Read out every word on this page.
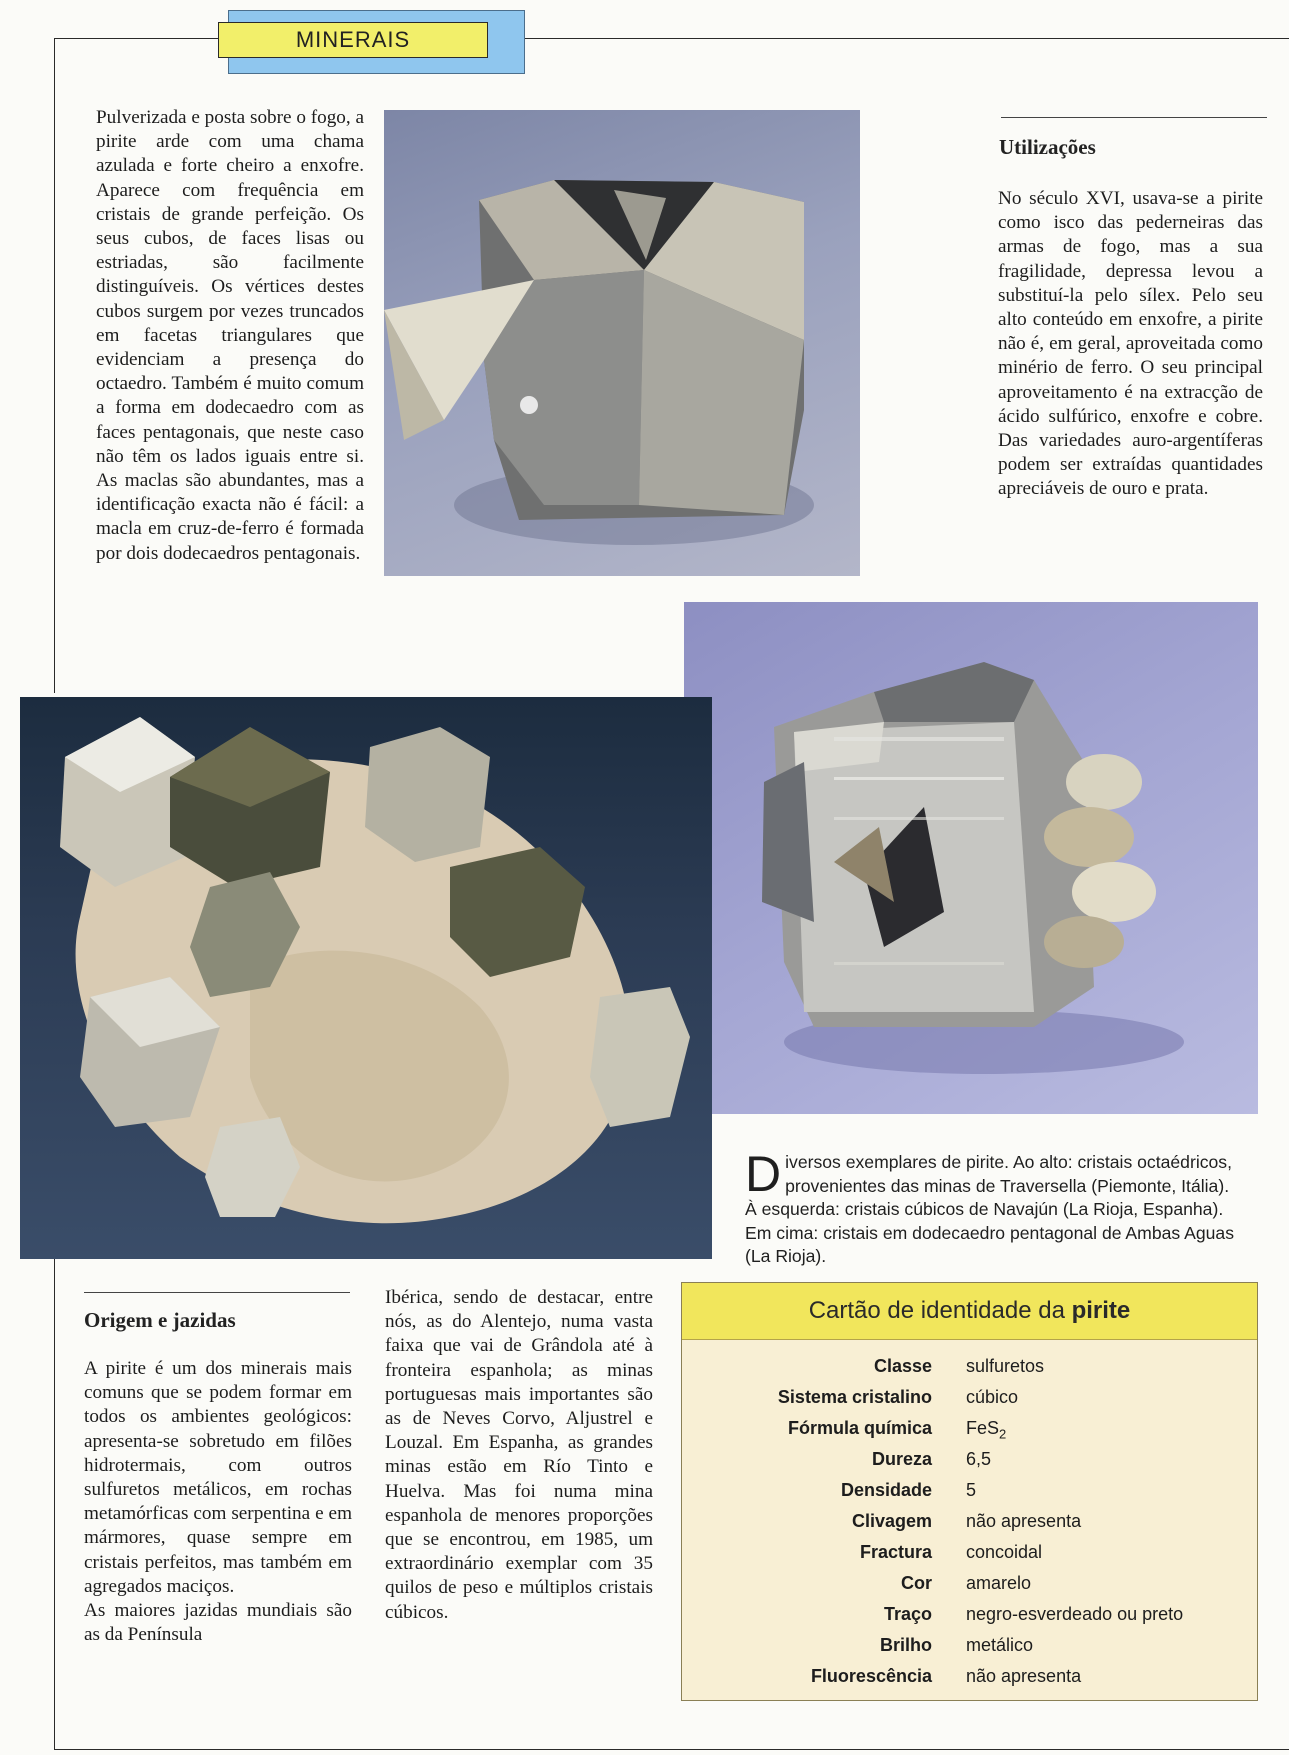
MINERAIS
Pulverizada e posta sobre o fogo, a pirite arde com uma chama azulada e forte cheiro a enxofre. Aparece com frequência em cristais de grande perfeição. Os seus cubos, de faces lisas ou estriadas, são facilmente distinguíveis. Os vértices destes cubos surgem por vezes truncados em facetas triangulares que evidenciam a presença do octaedro. Também é muito comum a forma em dodecaedro com as faces pentagonais, que neste caso não têm os lados iguais entre si. As maclas são abundantes, mas a identificação exacta não é fácil: a macla em cruz-de-ferro é formada por dois dodecaedros pentagonais.
Utilizações
No século XVI, usava-se a pirite como isco das pederneiras das armas de fogo, mas a sua fragilidade, depressa levou a substituí-la pelo sílex. Pelo seu alto conteúdo em enxofre, a pirite não é, em geral, aproveitada como minério de ferro. O seu principal aproveitamento é na extracção de ácido sulfúrico, enxofre e cobre. Das variedades auro-argentíferas podem ser extraídas quantidades apreciáveis de ouro e prata.
Diversos exemplares de pirite. Ao alto: cristais octaédricos, provenientes das minas de Traversella (Piemonte, Itália). À esquerda: cristais cúbicos de Navajún (La Rioja, Espanha). Em cima: cristais em dodecaedro pentagonal de Ambas Aguas (La Rioja).
Origem e jazidas
A pirite é um dos minerais mais comuns que se podem formar em todos os ambientes geológicos: apresenta-se sobretudo em filões hidrotermais, com outros sulfuretos metálicos, em rochas metamórficas com serpentina e em mármores, quase sempre em cristais perfeitos, mas também em agregados maciços.
As maiores jazidas mundiais são as da Península
Ibérica, sendo de destacar, entre nós, as do Alentejo, numa vasta faixa que vai de Grândola até à fronteira espanhola; as minas portuguesas mais importantes são as de Neves Corvo, Aljustrel e Louzal. Em Espanha, as grandes minas estão em Río Tinto e Huelva. Mas foi numa mina espanhola de menores proporções que se encontrou, em 1985, um extraordinário exemplar com 35 quilos de peso e múltiplos cristais cúbicos.
Cartão de identidade da pirite
Classe sulfuretos
Sistema cristalino cúbico
Fórmula química FeS$_2$
Dureza 6,5
Densidade 5
Clivagem não apresenta
Fractura concoidal
Cor amarelo
Traço negro-esverdeado ou preto
Brilho metálico
Fluorescência não apresenta
